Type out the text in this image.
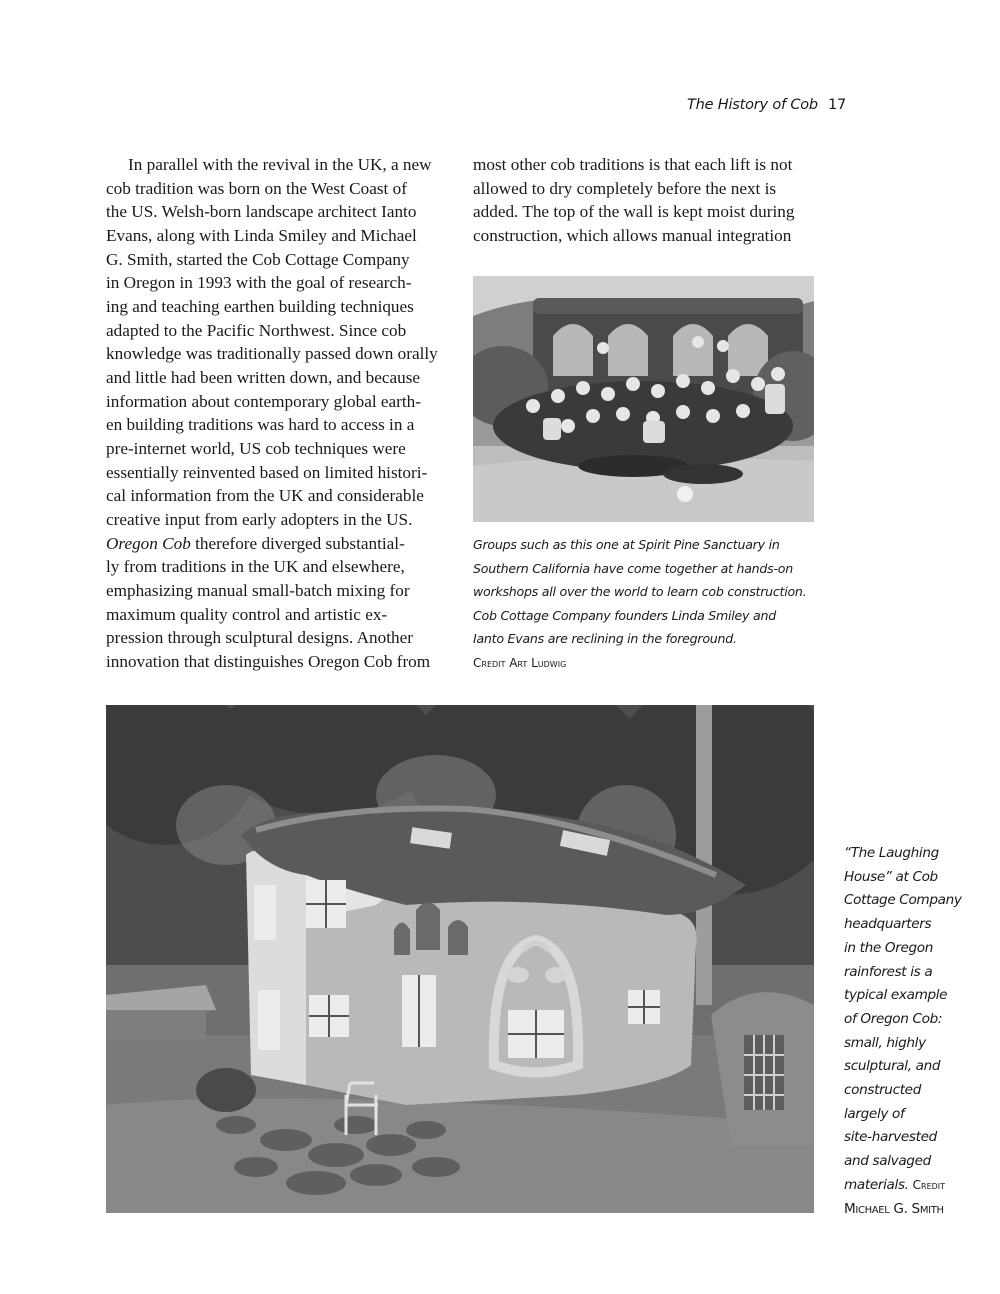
The History of Cob 17
In parallel with the revival in the UK, a new
cob tradition was born on the West Coast of
the US. Welsh-born landscape architect Ianto
Evans, along with Linda Smiley and Michael
G. Smith, started the Cob Cottage Company
in Oregon in 1993 with the goal of research-
ing and teaching earthen building techniques
adapted to the Pacific Northwest. Since cob
knowledge was traditionally passed down orally
and little had been written down, and because
information about contemporary global earth-
en building traditions was hard to access in a
pre-internet world, US cob techniques were
essentially reinvented based on limited histori-
cal information from the UK and considerable
creative input from early adopters in the US.
Oregon Cob therefore diverged substantial-
ly from traditions in the UK and elsewhere,
emphasizing manual small-batch mixing for
maximum quality control and artistic ex-
pression through sculptural designs. Another
innovation that distinguishes Oregon Cob from
most other cob traditions is that each lift is not
allowed to dry completely before the next is
added. The top of the wall is kept moist during
construction, which allows manual integration
Groups such as this one at Spirit Pine Sanctuary in
Southern California have come together at hands-on
workshops all over the world to learn cob construction.
Cob Cottage Company founders Linda Smiley and
Ianto Evans are reclining in the foreground.
Credit Art Ludwig
“The Laughing
House” at Cob
Cottage Company
headquarters
in the Oregon
rainforest is a
typical example
of Oregon Cob:
small, highly
sculptural, and
constructed
largely of
site-harvested
and salvaged
materials. Credit
Michael G. Smith
